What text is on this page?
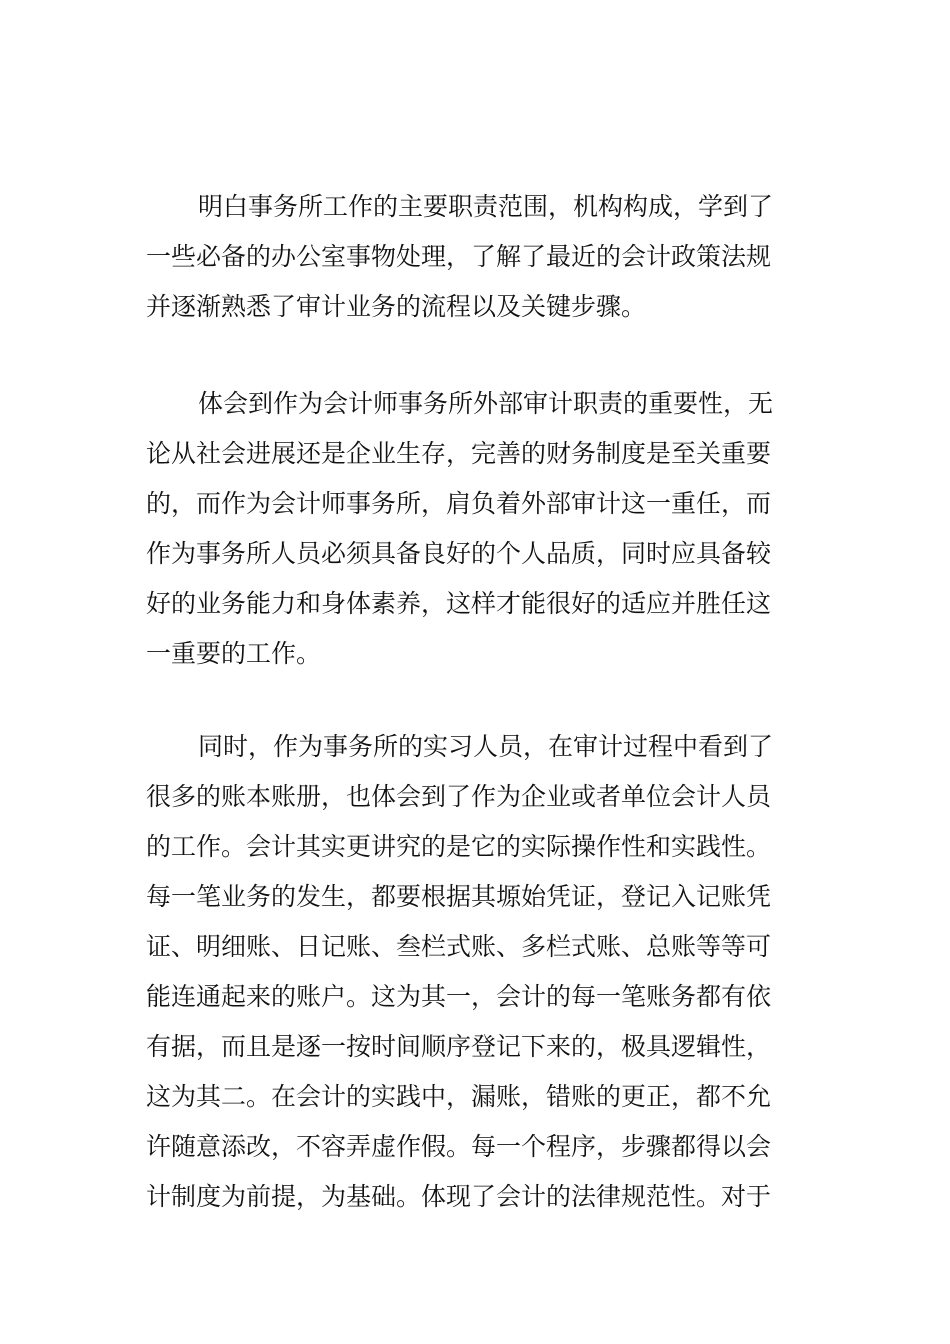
明白事务所工作的主要职责范围，机构构成，学到了
一些必备的办公室事物处理，了解了最近的会计政策法规
并逐渐熟悉了审计业务的流程以及关键步骤。
体会到作为会计师事务所外部审计职责的重要性，无
论从社会进展还是企业生存，完善的财务制度是至关重要
的，而作为会计师事务所，肩负着外部审计这一重任，而
作为事务所人员必须具备良好的个人品质，同时应具备较
好的业务能力和身体素养，这样才能很好的适应并胜任这
一重要的工作。
同时，作为事务所的实习人员，在审计过程中看到了
很多的账本账册，也体会到了作为企业或者单位会计人员
的工作。会计其实更讲究的是它的实际操作性和实践性。
每一笔业务的发生，都要根据其塬始凭证，登记入记账凭
证、明细账、日记账、叁栏式账、多栏式账、总账等等可
能连通起来的账户。这为其一，会计的每一笔账务都有依
有据，而且是逐一按时间顺序登记下来的，极具逻辑性，
这为其二。在会计的实践中，漏账，错账的更正，都不允
许随意添改，不容弄虚作假。每一个程序，步骤都得以会
计制度为前提，为基础。体现了会计的法律规范性。对于
